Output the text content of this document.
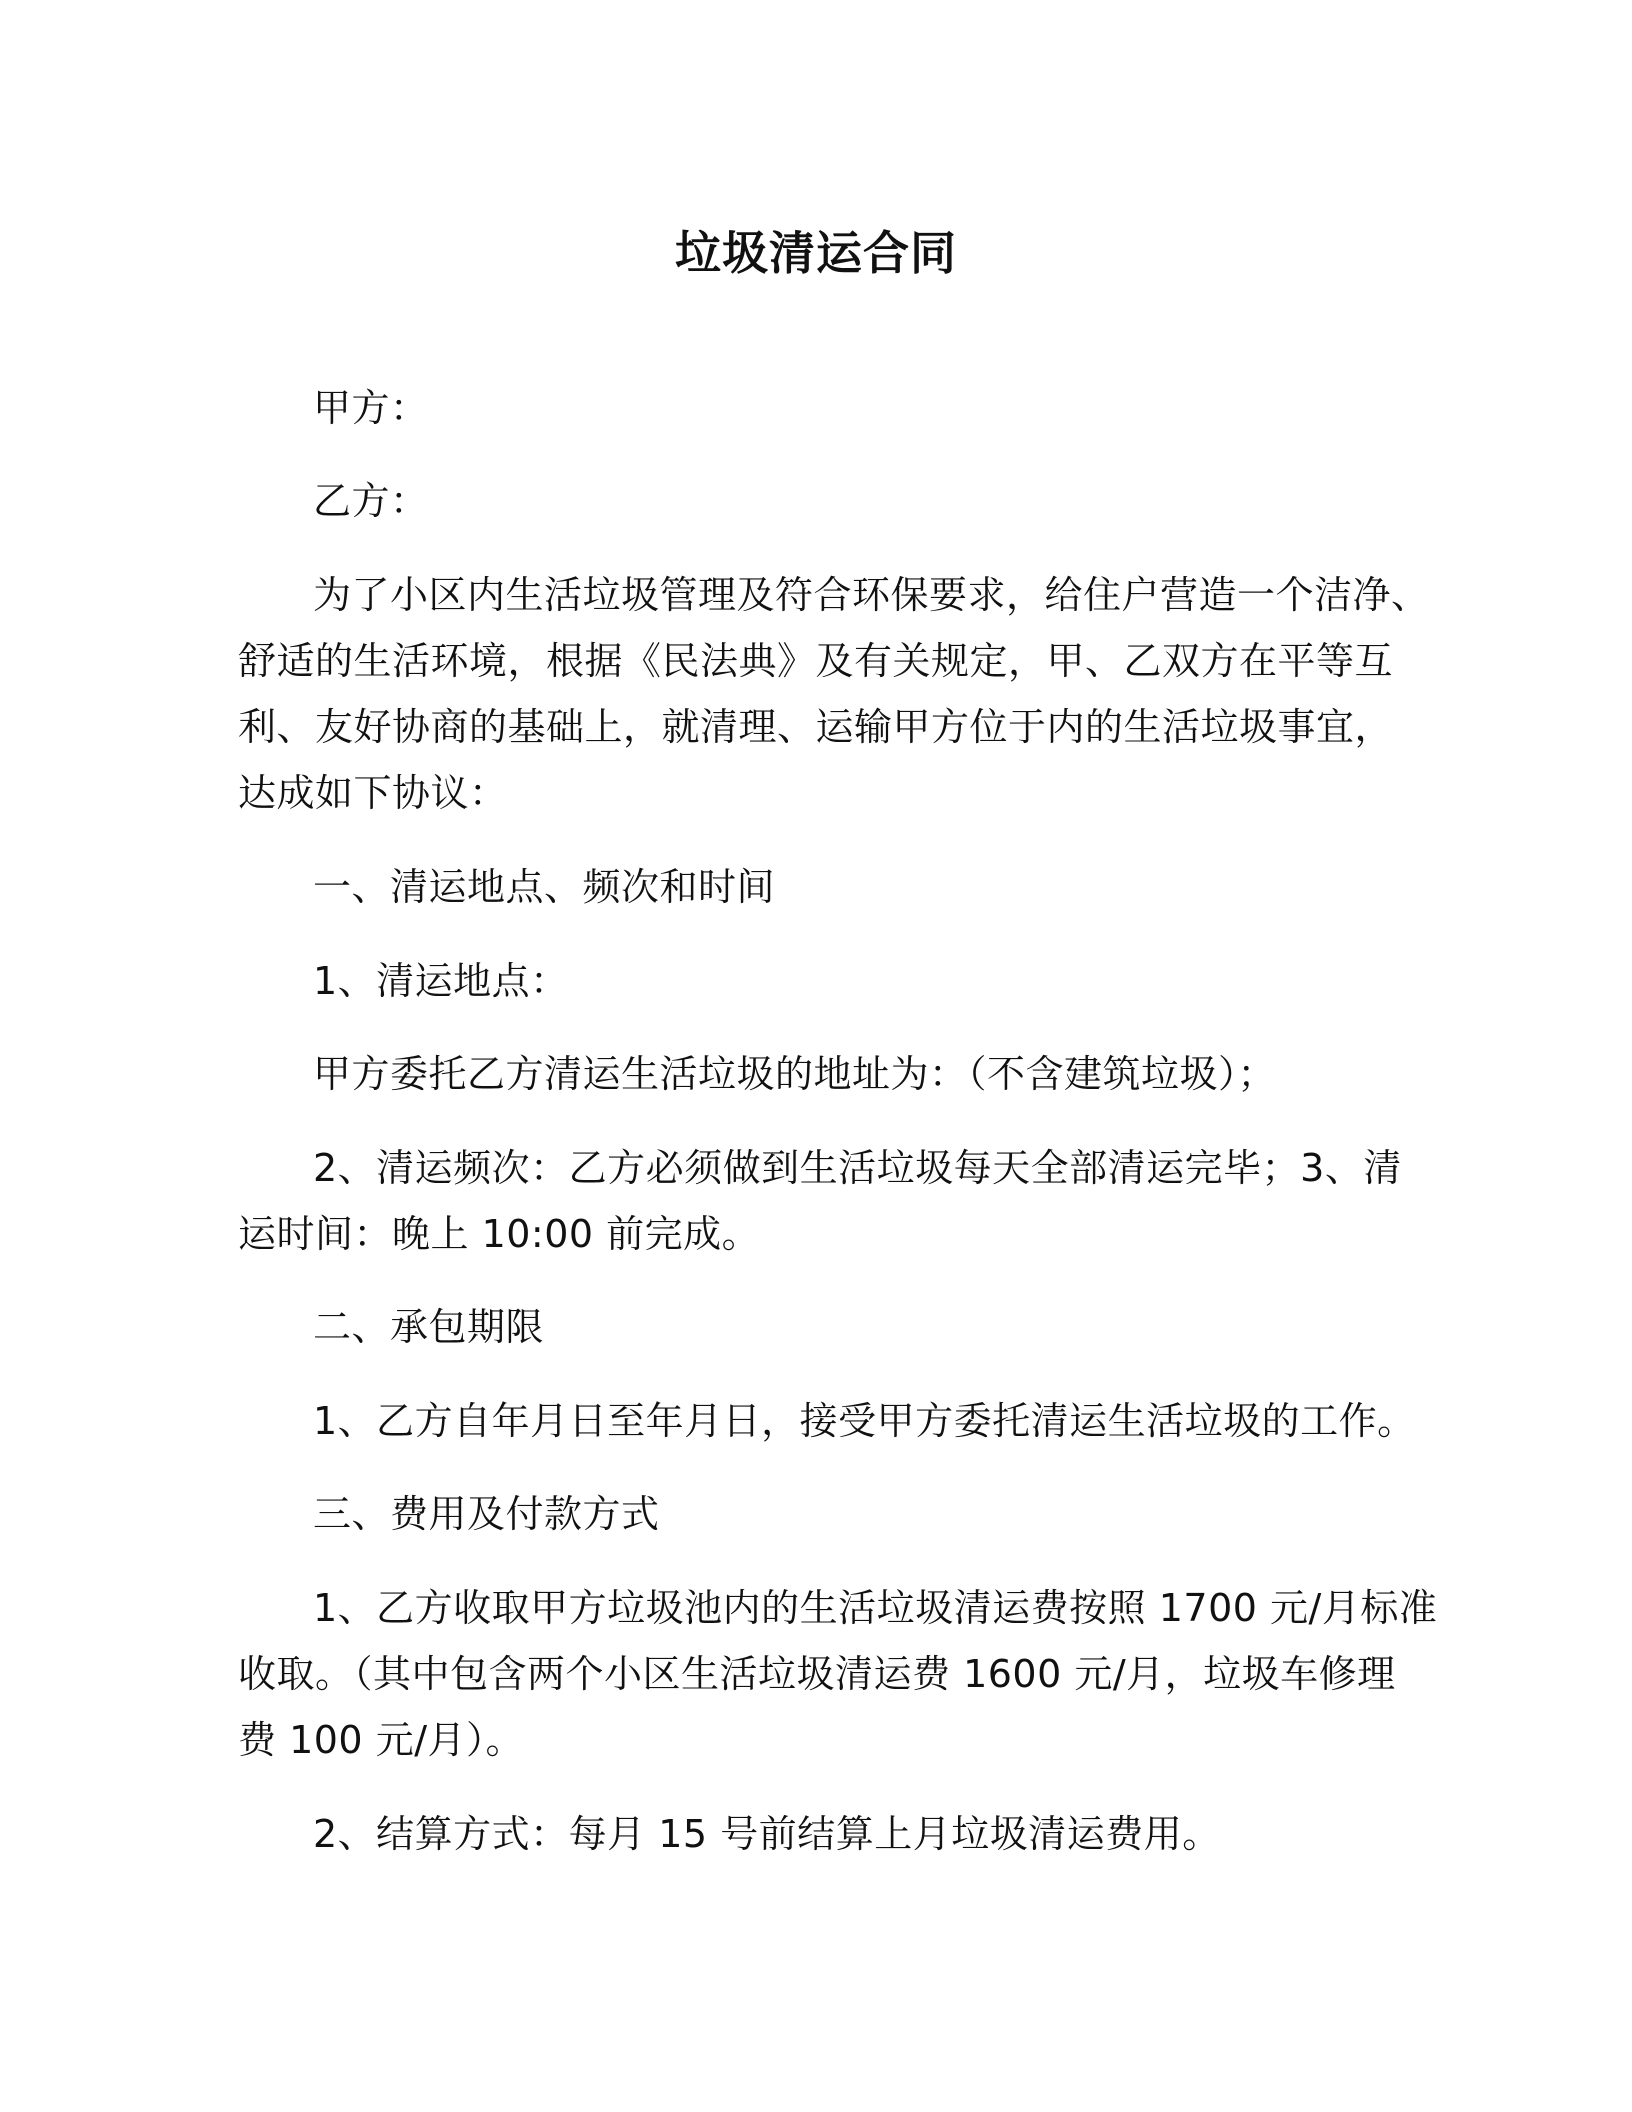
垃圾清运合同
甲方：
乙方：
为了小区内生活垃圾管理及符合环保要求，给住户营造一个洁净、
舒适的生活环境，根据《民法典》及有关规定，甲、乙双方在平等互
利、友好协商的基础上，就清理、运输甲方位于内的生活垃圾事宜，
达成如下协议：
一、清运地点、频次和时间
1、清运地点：
甲方委托乙方清运生活垃圾的地址为：（不含建筑垃圾）；
2、清运频次：乙方必须做到生活垃圾每天全部清运完毕；3、清
运时间：晚上 10:00 前完成。
二、承包期限
1、乙方自年月日至年月日，接受甲方委托清运生活垃圾的工作。
三、费用及付款方式
1、乙方收取甲方垃圾池内的生活垃圾清运费按照 1700 元/月标准
收取。（其中包含两个小区生活垃圾清运费 1600 元/月，垃圾车修理
费 100 元/月）。
2、结算方式：每月 15 号前结算上月垃圾清运费用。
